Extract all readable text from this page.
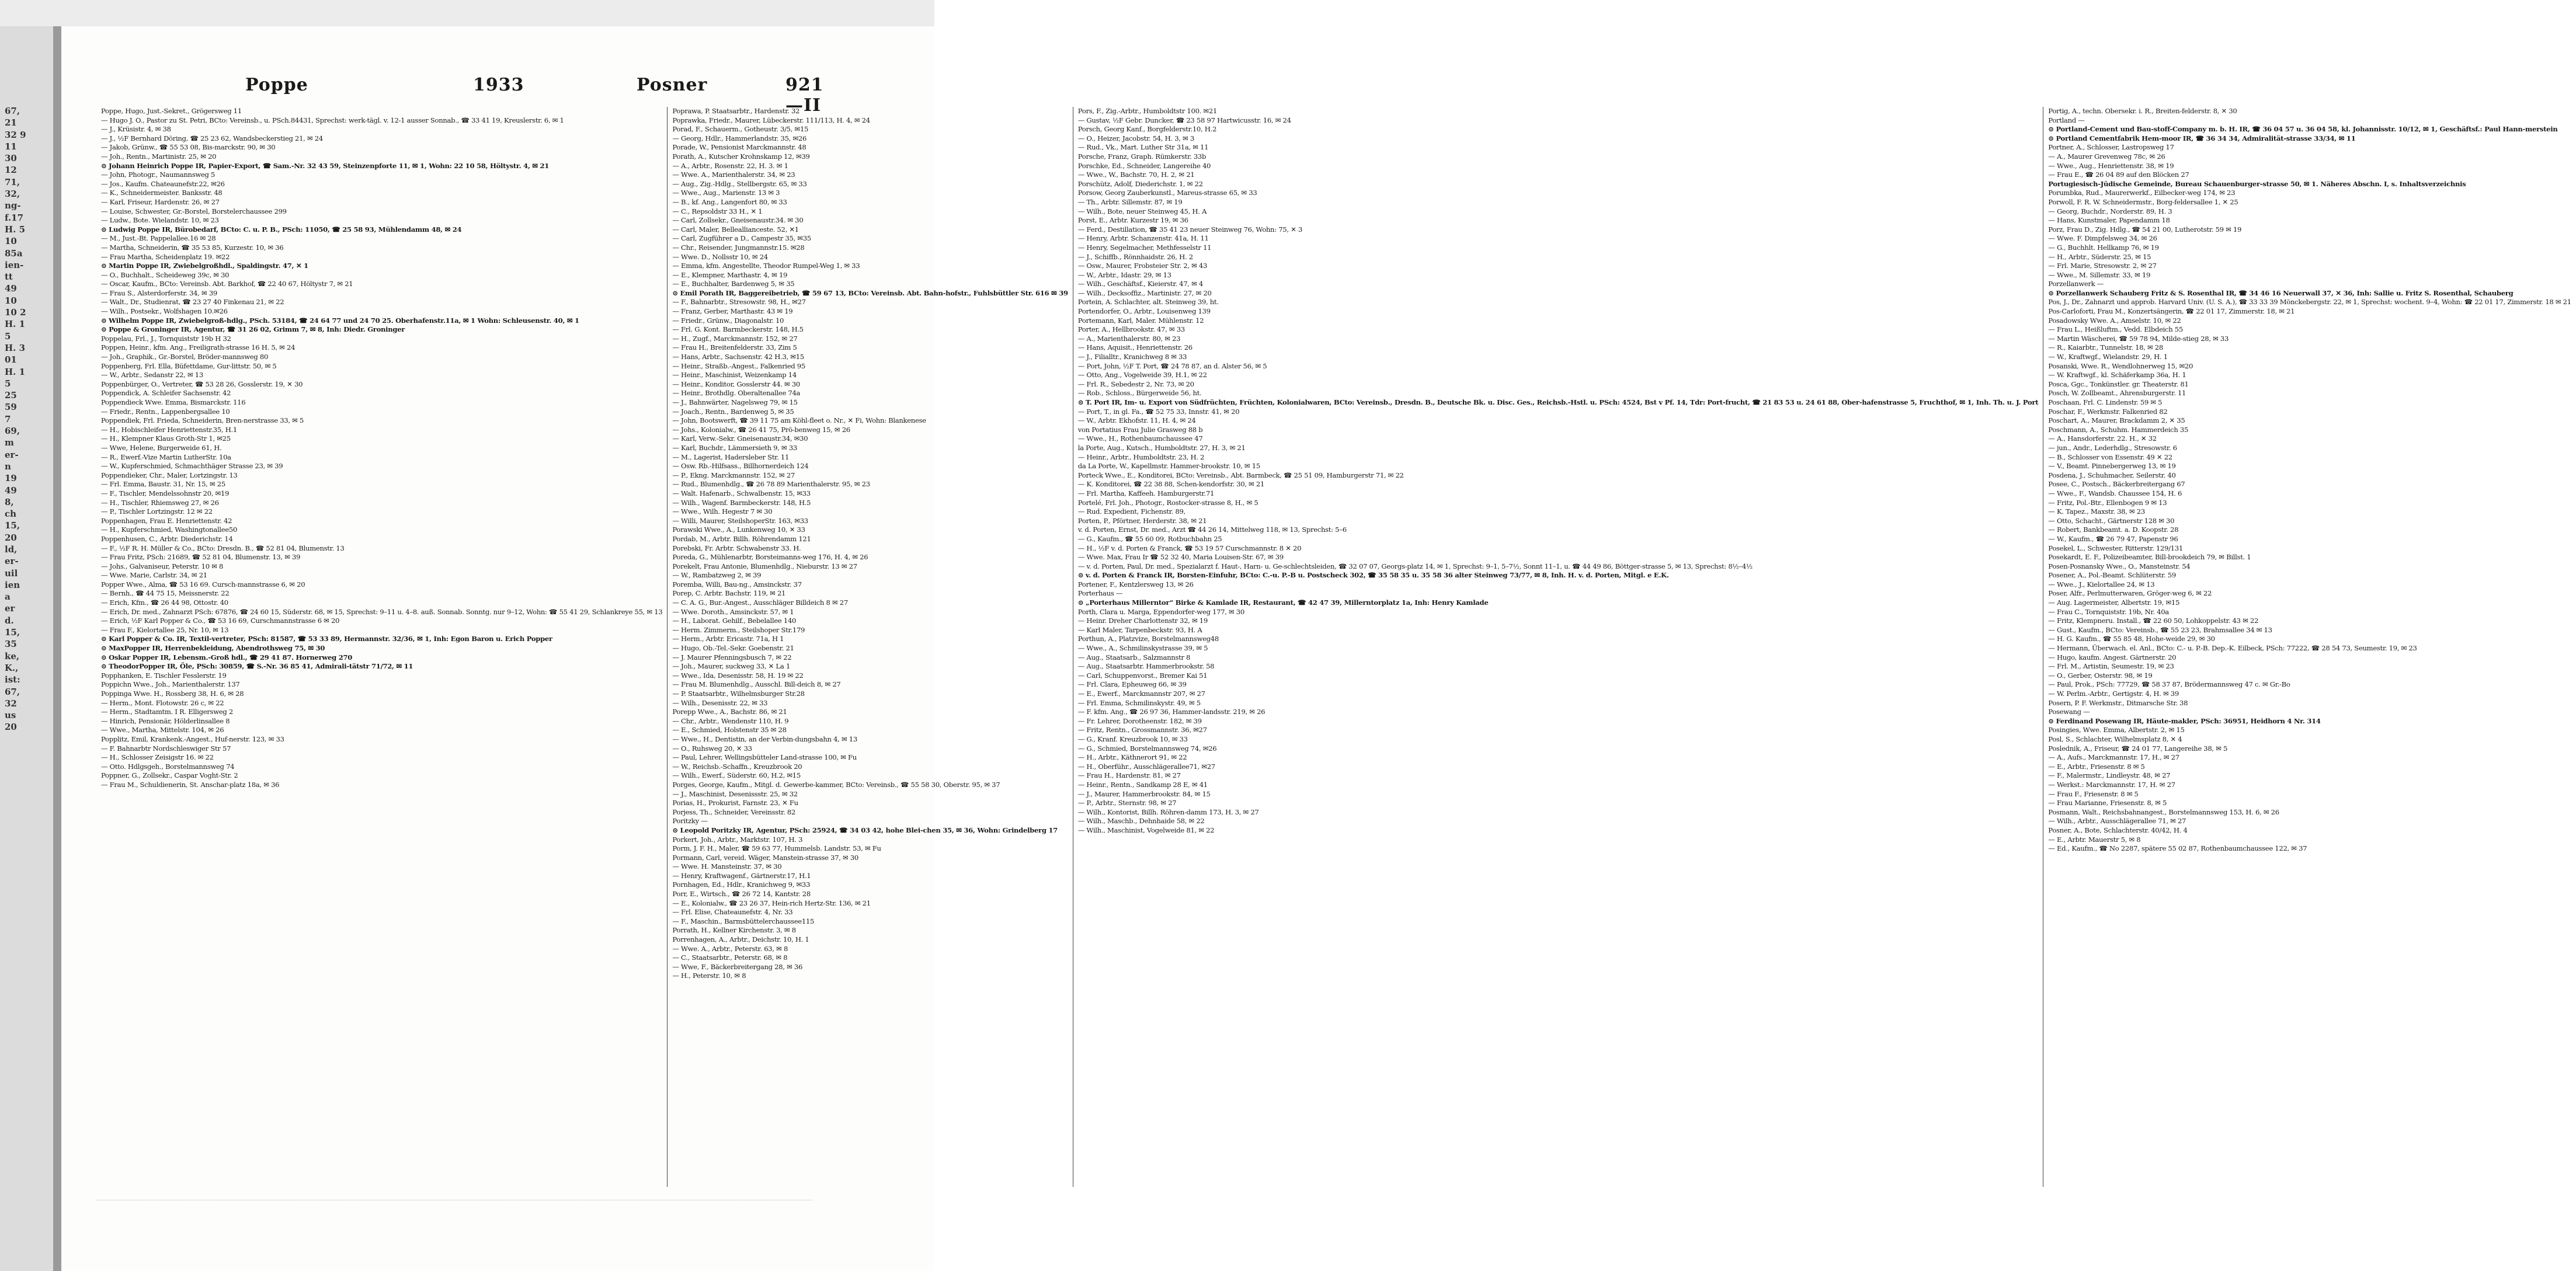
67,
21
32 9
11
30
12
71,
32,
ng-
f.17
H. 5
10
85a
ien-
tt
49
10
10 2
H. 1
5
H. 3
01
H. 1
5
25
59
7
69,
m
er-
n
19
49
8,
ch
15,
20
ld,
er-
uil
ien
a
er
d.
15,
35
ke,
K.,
ist:
67,
32
us
20
Poppe	1933	Posner	921—II

Poppe, Hugo, Just.-Sekret., Grögersweg 11

— Hugo J. O., Pastor zu St. Petri, BCto: Vereinsb., u. PSch.84431, Sprechst: werk-tägl. v. 12-1 ausser Sonnab., ☎ 33 41 19, Kreuslerstr. 6, ✉ 1

— J., Krüsistr. 4, ✉ 38

— J., ½F Bernhard Döring, ☎ 25 23 62, Wandsbeckerstieg 21, ✉ 24

— Jakob, Grünw., ☎ 55 53 08, Bis-marckstr. 90, ✉ 30

— Joh., Rentn., Martinistr. 25, ✉ 20

⊙ Johann Heinrich Poppe IR, Papier-Export, ☎ Sam.-Nr. 32 43 59, Steinzenpforte 11, ✉ 1, Wohn: 22 10 58, Höltystr. 4, ✉ 21

— John, Photogr., Naumannsweg 5

— Jos., Kaufm. Chateaunefstr.22, ✉26

— K., Schneidermeister. Banksstr. 48

— Karl, Friseur, Hardenstr. 26, ✉ 27

— Louise, Schwester, Gr.-Borstel, Borstelerchaussee 299

— Ludw., Bote. Wielandstr. 10, ✉ 23

⊙ Ludwig Poppe IR, Bürobedarf, BCto: C. u. P. B., PSch: 11050, ☎ 25 58 93, Mühlendamm 48, ✉ 24

— M., Just.-Bt. Pappelallee.16 ✉ 28

— Martha, Schneiderin, ☎ 35 53 85, Kurzestr. 10, ✉ 36

— Frau Martha, Scheidenplatz 19. ✉22

⊙ Martin Poppe IR, Zwiebelgroßhdl., Spaldingstr. 47, ✕ 1

— O., Buchhalt., Scheideweg 39c, ✉ 30

— Oscar, Kaufm., BCto: Vereinsb. Abt. Barkhof, ☎ 22 40 67, Höltystr 7, ✉ 21

— Frau S., Alsterdorferstr. 34, ✉ 39

— Walt., Dr., Studienrat, ☎ 23 27 40 Finkenau 21, ✉ 22

— Wilh., Postsekr., Wolfshagen 10.✉26

⊙ Wilhelm Poppe IR, Zwiebelgroß-hdlg., PSch. 53184, ☎ 24 64 77 und 24 70 25. Oberhafenstr.11a, ✉ 1 Wohn: Schleusenstr. 40, ✉ 1

⊙ Poppe & Groninger IR, Agentur, ☎ 31 26 02, Grimm 7, ✉ 8, Inh: Diedr. Groninger

Poppelau, Frl., J., Tornquiststr 19b H 32

Poppen, Heinr., kfm. Ang., Freiligrath-strasse 16 H. 5, ✉ 24

— Joh., Graphik., Gr.-Borstel, Bröder-mannsweg 80

Poppenberg, Frl. Ella, Büfettdame, Gur-littstr. 50, ✉ 5

— W., Arbtr., Sedanstr 22, ✉ 13

Poppenbürger, O., Vertreter, ☎ 53 28 26, Gosslerstr. 19, ✕ 30

Poppendick, A. Schleifer Sachsenstr. 42

Poppendieck Wwe. Emma, Bismarckstr. 116

— Friedr., Rentn., Lappenbergsallee 10

Poppendiek, Frl. Frieda, Schneiderin, Bren-nerstrasse 33, ✉ 5

— H., Hobischleifer Henriettenstr.35, H.1

— H., Klempner Klaus Groth-Str 1, ✉25

— Wwe, Helene, Burgerweide 61, H.

— R., Ewerf.-Vize Martin LutherStr. 10a

— W., Kupferschmied, Schmachthäger Strasse 23, ✉ 39

Poppendieker, Chr., Maler, Lortzingstr. 13

— Frl. Emma, Baustr. 31, Nr. 15, ✉ 25

— F., Tischler, Mendelssohnstr 20, ✉19

— H., Tischler, Rhiemsweg 27, ✉ 26

— P., Tischler Lortzingstr. 12 ✉ 22

Poppenhagen, Frau E. Henriettenstr. 42

— H., Kupferschmied, Washingtonallee50

Poppenhusen, C., Arbtr. Diederichstr. 14

— F., ½F R. H. Müller & Co., BCto: Dresdn. B., ☎ 52 81 04, Blumenstr. 13

— Frau Fritz, PSch: 21689, ☎ 52 81 04, Blumenstr. 13, ✉ 39

— Johs., Galvaniseur, Peterstr. 10 ✉ 8

— Wwe. Marie, Carlstr. 34, ✉ 21

Popper Wwe., Alma, ☎ 53 16 69. Cursch-mannstrasse 6, ✉ 20

— Bernh., ☎ 44 75 15, Meissnerstr. 22

— Erich, Kfm., ☎ 26 44 98, Ottostr. 40

— Erich, Dr. med., Zahnarzt PSch: 67876, ☎ 24 60 15, Süderstr. 68, ✉ 15, Sprechst: 9–11 u. 4–8. auß. Sonnab. Sonntg. nur 9–12, Wohn: ☎ 55 41 29, Schlankreye 55, ✉ 13

— Erich, ½F Karl Popper & Co., ☎ 53 16 69, Curschmannstrasse 6 ✉ 20

— Frau F., Kielortallee 25, Nr. 10, ✉ 13

⊙ Karl Popper & Co. IR, Textil-vertreter, PSch: 81587, ☎ 53 33 89, Hermannstr. 32/36, ✉ 1, Inh: Egon Baron u. Erich Popper

⊙ MaxPopper IR, Herrenbekleidung, Abendrothsweg 75, ✉ 30

⊙ Oskar Popper IR, Lebensm.-Groß hdl., ☎ 29 41 87. Hornerweg 270

⊙ TheodorPopper IR, Öle, PSch: 30859, ☎ S.-Nr. 36 85 41, Admirali-tätstr 71/72, ✉ 11

Popphanken, E. Tischler Fesslerstr. 19

Poppichn Wwe., Joh., Marienthalerstr. 137

Poppinga Wwe. H., Rossberg 38, H. 6, ✉ 28

— Herm., Mont. Flotowstr. 26 c, ✉ 22

— Herm., Stadtamtm. I R. Elligersweg 2

— Hinrich, Pensionär, Hölderlinsallee 8

— Wwe., Martha, Mittelstr. 104, ✉ 26

Popplitz, Emil, Krankenk.-Angest., Huf-nerstr. 123, ✉ 33

— F. Bahnarbtr Nordschleswiger Str 57

— H., Schlosser Zeisigstr 16. ✉ 22

— Otto. Hdlgsgeh., Borstelmannsweg 74

Poppner, G., Zollsekr., Caspar Voght-Str. 2

— Frau M., Schuldienerin, St. Anschar-platz 18a, ✉ 36

Poprawa, P. Staatsarbtr., Hardenstr. 32

Poprawka, Friedr., Maurer, Lübeckerstr. 111/113, H. 4, ✉ 24

Porad, F., Schauerm., Gotheustr. 3/5, ✉15

— Georg, Hdlr., Hammerlandstr. 35, ✉26

Porade, W., Pensionist Marckmannstr. 48

Porath, A., Kutscher Krohnskamp 12, ✉39

— A., Arbtr., Rosenstr. 22, H. 3. ✉ 1

— Wwe. A., Marienthalerstr. 34, ✉ 23

— Aug., Zig.-Hdlg., Stellbergstr. 65, ✉ 33

— Wwe., Aug., Marienstr. 13 ✉ 3

— B., kf. Ang., Langenfort 80, ✉ 33

— C., Repsoldstr 33 H., ✕ 1

— Carl, Zollsekr., Gneisenaustr.34. ✉ 30

— Carl, Maler, Belleallianceste. 52, ✕1

— Carl, Zugführer a D., Campestr 35, ✉35

— Chr., Reisender, Jungmannstr.15. ✉28

— Wwe. D., Nollsstr 10, ✉ 24

— Emma, kfm. Angestellte, Theodor Rumpel-Weg 1, ✉ 33

— E., Klempner, Marthastr. 4, ✉ 19

— E., Buchhalter, Bardenweg 5, ✉ 35

⊙ Emil Porath IR, Baggereibetrieb, ☎ 59 67 13, BCto: Vereinsb. Abt. Bahn-hofstr., Fuhlsbüttler Str. 616 ✉ 39

— F., Bahnarbtr., Stresowstr. 98, H., ✉27

— Franz, Gerber, Marthastr. 43 ✉ 19

— Friedr., Grünw., Diagonalstr. 10

— Frl. G. Kont. Barmbeckerstr. 148, H.5

— H., Zugf., Marckmannstr. 152, ✉ 27

— Frau H., Breitenfelderstr. 33, Zim 5

— Hans, Arbtr., Sachsenstr. 42 H.3, ✉15

— Heinr., Straßb.-Angest., Falkenried 95

— Heinr., Maschinist, Weizenkamp 14

— Heinr., Konditor, Gosslerstr 44. ✉ 30

— Heinr., Brothdlg. Oberaltenallee 74a

— J., Bahnwärter, Nagelsweg 79, ✉ 15

— Joach., Rentn., Bardenweg 5, ✉ 35

— John, Bootswerft, ☎ 39 11 75 am Köhl-fleet o. Nr., ✕ Fi, Wohn: Blankenese

— Johs., Kolonialw., ☎ 26 41 75, Prö-benweg 15, ✉ 26

— Karl, Verw.-Sekr. Gneisenaustr.34, ✉30

— Karl, Buchdr., Lämmersieth 9, ✉ 33

— M., Lagerist, Hadersleber Str. 11

— Osw. Rb.-Hilfsass., Billhornerdeich 124

— P., Ekng. Marckmannstr. 152, ✉ 27

— Rud., Blumenhdlg., ☎ 26 78 89 Marienthalerstr. 95, ✉ 23

— Walt. Hafenarb., Schwalbenstr. 15, ✉33

— Wilh., Wagenf. Barmbeckerstr. 148, H.5

— Wwe., Wilh. Hegestr 7 ✉ 30

— Willi, Maurer, SteilshoperStr. 163, ✉33

Porawski Wwe., A., Lunkenweg 10, ✕ 33

Pordab, M., Arbtr. Billh. Röhrendamm 121

Porebski, Fr. Arbtr. Schwabenstr 33. H.

Poreda, G., Mühlenarbtr, Borsteimanns-weg 176, H. 4, ✉ 26

Porekelt, Frau Antonie, Blumenhdlg., Nieburstr. 13 ✉ 27

— W., Rambatzweg 2, ✉ 39

Poremba, Willi, Bau-ng., Amsinckstr. 37

Porep, C. Arbtr. Bachstr. 119, ✉ 21

— C. A. G., Bur.-Angest., Ausschläger Billdeich 8 ✉ 27

— Wwe. Doroth., Amsinckstr. 57, ✉ 1

— H., Laborat. Gehilf., Bebelallee 140

— Herm. Zimmerm., Steilshoper Str.179

— Herm., Arbtr. Ericastr. 71a, H 1

— Hugo, Ob.-Tel.-Sekr. Goebenstr. 21

— J. Maurer Pfenningsbusch 7, ✉ 22

— Joh., Maurer, suckweg 33, ✕ La 1

— Wwe., Ida, Desenisstr. 58, H. 19 ✉ 22

— Frau M. Blumenhdlg., Ausschl. Bill-deich 8, ✉ 27

— P. Staatsarbtr., Wilhelmsburger Str.28

— Wilh., Desenisstr. 22, ✉ 33

Porepp Wwe., A., Bachstr. 86, ✉ 21

— Chr., Arbtr., Wendenstr 110, H. 9

— E., Schmied, Holstenstr 35 ✉ 28

— Wwe., H., Dentistin, an der Verbin-dungsbahn 4, ✉ 13

— O., Ruhsweg 20, ✕ 33

— Paul, Lehrer, Wellingsbütteler Land-strasse 100, ✉ Fu

— W., Reichsb.-Schaffn., Kreuzbrook 20

— Wilh., Ewerf., Süderstr. 60, H.2, ✉15

Porges, George, Kaufm., Mitgl. d. Gewerbe-kammer, BCto: Vereinsb., ☎ 55 58 30, Oberstr. 95, ✉ 37

— J., Maschinist, Desenissstr. 25, ✉ 32

Porias, H., Prokurist, Farnstr. 23, ✕ Fu

Porjess, Th., Schneider, Vereinsstr. 82

Poritzky —

⊙ Leopold Poritzky IR, Agentur, PSch: 25924, ☎ 34 03 42, hohe Blei-chen 35, ✉ 36, Wohn: Grindelberg 17

Porkert, Joh., Arbtr., Marktstr. 107, H. 3

Porm, J. F. H., Maler, ☎ 59 63 77, Hummelsb. Landstr. 53, ✉ Fu

Pormann, Carl, vereid. Wäger, Manstein-strasse 37, ✉ 30

— Wwe. H. Mansteinstr. 37, ✉ 30

— Henry, Kraftwagenf., Gärtnerstr.17, H.1

Pornhagen, Ed., Hdlr., Kranichweg 9, ✉33

Porr, E., Wirtsch., ☎ 26 72 14, Kantstr. 28

— E., Kolonialw., ☎ 23 26 37, Hein-rich Hertz-Str. 136, ✉ 21

— Frl. Elise, Chateaunefstr. 4, Nr. 33

— F., Maschin., Barmsbüttelerchaussee115

Porrath, H., Kellner Kirchenstr. 3, ✉ 8

Porrenhagen, A., Arbtr., Deichstr. 10, H. 1

— Wwe. A., Arbtr., Peterstr. 63, ✉ 8

— C., Staatsarbtr., Peterstr. 68, ✉ 8

— Wwe, F., Bäckerbreitergang 28, ✉ 36

— H., Peterstr. 10, ✉ 8

Pors, F., Zig.-Arbtr., Humboldtstr 100. ✉21

— Gustav, ½F Gebr. Duncker, ☎ 23 58 97 Hartwicusstr. 16, ✉ 24

Porsch, Georg Kanf., Borgfelderstr.10, H.2

— O., Heizer, Jacobstr. 54, H. 3, ✉ 3

— Rud., Vk., Mart. Luther Str 31a, ✉ 11

Porsche, Franz, Graph. Rümkerstr. 33b

Porschke, Ed., Schneider, Langereihe 40

— Wwe., W., Bachstr. 70, H. 2, ✉ 21

Porschütz, Adolf, Diederichstr. 1, ✉ 22

Porsow, Georg Zauberkunstl., Mareus-strasse 65, ✉ 33

— Th., Arbtr. Sillemstr. 87, ✉ 19

— Wilh., Bote, neuer Steinweg 45, H. A

Porst, E., Arbtr. Kurzestr 19, ✉ 36

— Ferd., Destillation, ☎ 35 41 23 neuer Steinweg 76, Wohn: 75, ✕ 3

— Henry, Arbtr. Schanzenstr. 41a, H. 11

— Henry, Segelmacher, Methfesselstr 11

— J., Schiffb., Rönnhaidstr. 26, H. 2

— Osw., Maurer, Frobsteier Str. 2, ✉ 43

— W., Arbtr., Idastr. 29, ✉ 13

— Wilh., Geschäftsf., Kieierstr. 47, ✉ 4

— Wilh., Decksoffiz., Martinistr. 27, ✉ 20

Portein, A. Schlachter, alt. Steinweg 39, ht.

Portendorfer, O., Arbtr., Louisenweg 139

Portemann, Karl, Maler. Mühlenstr. 12

Porter, A., Hellbrookstr. 47, ✉ 33

— A., Marienthalerstr. 80, ✉ 23

— Hans, Aquisit., Henriettenstr. 26

— J., Filialltr., Kranichweg 8 ✉ 33

— Port, John, ½F T. Port, ☎ 24 78 87, an d. Alster 56, ✉ 5

— Otto, Ang., Vogelweide 39, H.1, ✉ 22

— Frl. R., Sebedestr 2, Nr. 73, ✉ 20

— Rob., Schloss., Bürgerweide 56, ht.

⊙ T. Port IR, Im- u. Export von Südfrüchten, Früchten, Kolonialwaren, BCto: Vereinsb., Dresdn. B., Deutsche Bk. u. Disc. Ges., Reichsb.-Hstl. u. PSch: 4524, Bst v Pf. 14, Tdr: Port-frucht, ☎ 21 83 53 u. 24 61 88, Ober-hafenstrasse 5, Fruchthof, ✉ 1, Inh. Th. u. J. Port

— Port, T., in gl. Fa., ☎ 52 75 33, Innstr. 41, ✉ 20

— W., Arbtr. Ekhofstr. 11, H. 4, ✉ 24

von Portatius Frau Julie Grasweg 88 b

— Wwe., H., Rothenbaumchaussee 47

la Porte, Aug., Kutsch., Humboldtstr. 27, H. 3, ✉ 21

— Heinr., Arbtr., Humboldtstr. 23, H. 2

da La Porte, W., Kapellmstr. Hammer-brookstr. 10, ✉ 15

Porteck Wwe., E., Konditorei, BCto: Vereinsb., Abt. Barmbeck, ☎ 25 51 09, Hamburgerstr 71, ✉ 22

— K. Konditorei, ☎ 22 38 88, Schen-kendorfstr. 30, ✉ 21

— Frl. Martha, Kaffeeh. Hamburgerstr.71

Portelé, Frl. Joh., Photogr., Rostocker-strasse 8, H., ✉ 5

— Rud. Expedient, Fichenstr. 89,

Porten, P., Pförtner, Herderstr. 38, ✉ 21

v. d. Porten, Ernst, Dr. med., Arzt ☎ 44 26 14, Mittelweg 118, ✉ 13, Sprechst: 5–6

— G., Kaufm., ☎ 55 60 09, Rotbuchbahn 25

— H., ½F v. d. Porten & Franck, ☎ 53 19 57 Curschmannstr. 8 ✕ 20

— Wwe. Max, Frau Ir ☎ 52 32 40, Maria Louisen-Str. 67, ✉ 39

— v. d. Porten, Paul, Dr. med., Spezialarzt f. Haut-, Harn- u. Ge-schlechtsleiden, ☎ 32 07 07, Georgs-platz 14, ✉ 1, Sprechst: 9–1, 5–7½, Sonnt 11–1, u. ☎ 44 49 86, Böttger-strasse 5, ✉ 13, Sprechst: 8½–4½

⊙ v. d. Porten & Franck IR, Borsten-Einfuhr, BCto: C.-u. P.-B u. Postscheck 302, ☎ 35 58 35 u. 35 58 36 alter Steinweg 73/77, ✉ 8, Inh. H. v. d. Porten, Mitgl. e E.K.

Portener, F., Kentzlersweg 13, ✉ 26

Porterhaus —

⊙ „Porterhaus Millerntor“ Birke & Kamlade IR, Restaurant, ☎ 42 47 39, Millerntorplatz 1a, Inh: Henry Kamlade

Porth, Clara u. Marga, Eppendorfer-weg 177, ✉ 30

— Heinr. Dreher Charlottenstr 32, ✉ 19

— Karl Maler, Tarpenbeckstr. 93, H. A

Porthun, A., Platzvize, Borstelmannsweg48

— Wwe., A., Schmilinskystrasse 39, ✉ 5

— Aug., Staatsarb., Salzmannstr 8

— Aug., Staatsarbtr. Hammerbrookstr. 58

— Carl, Schuppenvorst., Bremer Kai 51

— Frl. Clara, Epheuweg 66, ✉ 39

— E., Ewerf., Marckmannstr 207, ✉ 27

— Frl. Emma, Schmilinskystr. 49, ✉ 5

— F. kfm. Ang., ☎ 26 97 36, Hammer-landsstr. 219, ✉ 26

— Fr. Lehrer, Dorotheenstr. 182, ✉ 39

— Fritz, Rentn., Grossmannstr. 36, ✉27

— G., Kranf. Kreuzbrook 10, ✉ 33

— G., Schmied, Borstelmannsweg 74, ✉26

— H., Arbtr., Käthnerort 91, ✉ 22

— H., Oberführ., Ausschlägerallee71, ✉27

— Frau H., Hardenstr. 81, ✉ 27

— Heinr., Rentn., Sandkamp 28 E, ✉ 41

— J., Maurer, Hammerbrookstr. 84, ✉ 15

— P., Arbtr., Sternstr. 98, ✉ 27

— Wilh., Kontorist, Billh. Röhren-damm 173, H. 3, ✉ 27

— Wilh., Maschb., Dehnhaide 58, ✉ 22

— Wilh., Maschinist, Vogelweide 81, ✉ 22

Portig, A., techn. Obersekr. i. R., Breiten-felderstr. 8, ✕ 30

Portland —

⊙ Portland-Cement und Bau-stoff-Company m. b. H. IR, ☎ 36 04 57 u. 36 04 58, kl. Johannisstr. 10/12, ✉ 1, Geschäftsf.: Paul Hann-merstein

⊙ Portland Cementfabrik Hem-moor IR, ☎ 36 34 34, Admiralität-strasse 33/34, ✉ 11

Portner, A., Schlosser, Lastropsweg 17

— A., Maurer Grevenweg 78c, ✉ 26

— Wwe., Aug., Henriettenstr. 38, ✉ 19

— Frau E., ☎ 26 04 89 auf den Blöcken 27

Portugiesisch-Jüdische Gemeinde, Bureau Schauenburger-strasse 50, ✉ 1. Näheres Abschn. I, s. Inhaltsverzeichnis

Porumbka, Rud., Maurerwerkf., Eilbecker-weg 174, ✉ 23

Porwoll, F. R. W. Schneidermstr., Borg-feldersallee 1, ✕ 25

— Georg, Buchdr., Norderstr. 89, H. 3

— Hans, Kunstmaler, Papendamm 18

Porz, Frau D., Zig. Hdlg., ☎ 54 21 00, Lutherotstr. 59 ✉ 19

— Wwe. F. Dimpfelsweg 34, ✉ 26

— G., Buchhlt. Hellkamp 76, ✉ 19

— H., Arbtr., Süderstr. 25, ✉ 15

— Frl. Marie, Stresowstr. 2, ✉ 27

— Wwe., M. Sillemstr. 33, ✉ 19

Porzellanwerk —

⊙ Porzellanwerk Schauberg Fritz & S. Rosenthal IR, ☎ 34 46 16 Neuerwall 37, ✕ 36, Inh: Sallie u. Fritz S. Rosenthal, Schauberg

Pos, J., Dr., Zahnarzt und approb. Harvard Univ. (U. S. A.), ☎ 33 33 39 Mönckebergstr. 22, ✉ 1, Sprechst: wochent. 9–4, Wohn: ☎ 22 01 17, Zimmerstr. 18 ✉ 21

Pos-Carloforti, Frau M., Konzertsängerin, ☎ 22 01 17, Zimmerstr. 18, ✉ 21

Posadowsky Wwe. A., Amselstr. 10, ✉ 22

— Frau L., Heißluftm., Vedd. Elbdeich 55

— Martin Wäscherei, ☎ 59 78 94, Milde-stieg 28, ✉ 33

— R., Kaiarbtr., Tunnelstr. 18, ✉ 28

— W., Kraftwgf., Wielandstr. 29, H. 1

Posanski, Wwe. R., Wendlohnerweg 15, ✉20

— W. Kraftwgf., kl. Schäferkamp 36a, H. 1

Posca, Ggc., Tonkünstler. gr. Theaterstr. 81

Posch, W. Zollbeamt., Ahrensburgerstr. 11

Poschaan, Frl. C. Lindenstr. 59 ✉ 5

Poschar, F., Werkmstr. Falkenried 82

Poschart, A., Maurer, Brackdamm 2, ✕ 35

Poschmann, A., Schuhm. Hammerdeich 35

— A., Hansdorferstr. 22. H., ✕ 32

— jun., Andr., Lederhdlg., Stresowstr. 6

— B., Schlosser von Essenstr. 49 ✕ 22

— V., Beamt. Pinnebergerweg 13, ✉ 19

Posdena, J., Schuhmacher, Seilerstr. 40

Posee, C., Postsch., Bäckerbreitergang 67

— Wwe., F., Wandsb. Chaussee 154, H. 6

— Fritz, Pol.-Btr., Ellenbogen 9 ✉ 13

— K. Tapez., Maxstr. 38, ✉ 23

— Otto, Schacht., Gärtnerstr 128 ✉ 30

— Robert, Bankbeamt. a. D. Koopstr. 28

— W., Kaufm., ☎ 26 79 47, Papenstr 96

Posekel, L., Schwester, Ritterstr. 129/131

Posekardt, E. F., Polizeibeamter, Bill-brookdeich 79, ✉ Billst. 1

Posen-Posnansky Wwe., O., Mansteinstr. 54

Posener, A., Pol.-Beamt. Schlüterstr. 59

— Wwe., J., Kielortallee 24, ✉ 13

Poser, Alfr., Perlmutterwaren, Gröger-weg 6, ✉ 22

— Aug. Lagermeister, Albertstr. 19, ✉15

— Frau C., Tornquiststr. 19b, Nr. 40a

— Fritz, Klempneru. Install., ☎ 22 60 50, Lohkoppelstr. 43 ✉ 22

— Gust., Kaufm., BCto: Vereinsb., ☎ 55 23 23, Brahmsallee 34 ✉ 13

— H. G. Kaufm., ☎ 55 85 48, Hohe-weide 29, ✉ 30

— Hermann, Überwach. el. Anl., BCto: C.- u. P.-B. Dep.-K. Eilbeck, PSch: 77222, ☎ 28 54 73, Seumestr. 19, ✉ 23

— Hugo, kaufm. Angest. Gärtnerstr. 20

— Frl. M., Artistin, Seumestr. 19, ✉ 23

— O., Gerber, Osterstr. 98, ✉ 19

— Paul, Prok., PSch: 77729, ☎ 58 37 87, Brödermannsweg 47 c. ✉ Gr.-Bo

— W. Perlm.-Arbtr., Gertigstr. 4, H. ✉ 39

Posern, P. F. Werkmstr., Ditmarsche Str. 38

Posewang —

⊙ Ferdinand Posewang IR, Häute-makler, PSch: 36951, Heidhorn 4 Nr. 314

Posingies, Wwe. Emma, Albertstr. 2, ✉ 15

Posl, S., Schlachter, Wilhelmsplatz 8, ✕ 4

Poslednik, A., Friseur, ☎ 24 01 77, Langereihe 38, ✉ 5

— A., Aufs., Marckmannstr. 17, H., ✉ 27

— E., Arbtr., Friesenstr. 8 ✉ 5

— F., Malermstr., Lindleystr. 48, ✉ 27

— Werkst.: Marckmannstr. 17, H. ✉ 27

— Frau F., Friesenstr. 8 ✉ 5

— Frau Marianne, Friesenstr. 8, ✉ 5

Posmann, Walt., Reichsbahnangest., Borstelmannsweg 153, H. 6, ✉ 26

— Wilh., Arbtr., Ausschlägerallee 71, ✉ 27

Posner, A., Bote, Schlachterstr. 40/42, H. 4

— E., Arbtr. Mauerstr 5, ✉ 8

— Ed., Kaufm., ☎ No 2287, spätere 55 02 87, Rothenbaumchaussee 122, ✉ 37
